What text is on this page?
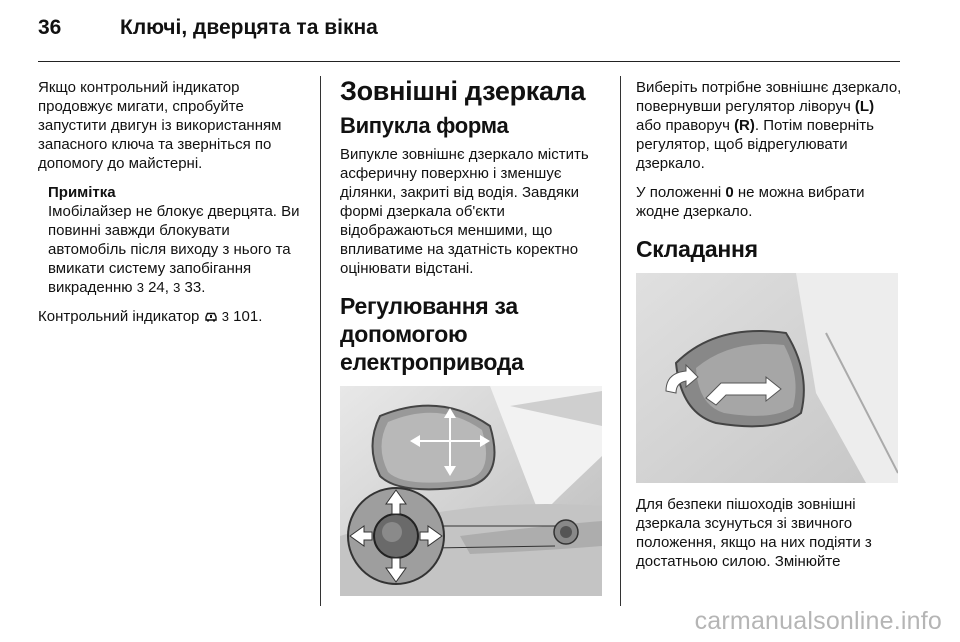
36	Ключі, дверцята та вікна

Якщо контрольний індикатор продовжує мигати, спробуйте запустити двигун із використанням запасного ключа та зверніться по допомогу до майстерні.

Примітка
Імобілайзер не блокує дверцята. Ви повинні завжди блокувати автомобіль після виходу з нього та вмикати систему запобігання викраденню 3 24, 3 33.

Контрольний індикатор 3 101.

Зовнішні дзеркала
Випукла форма

Випукле зовнішнє дзеркало містить асферичну поверхню і зменшує ділянки, закриті від водія. Завдяки формі дзеркала об'єкти відображаються меншими, що впливатиме на здатність коректно оцінювати відстані.

Регулювання за допомогою електропривода

Виберіть потрібне зовнішнє дзеркало, повернувши регулятор ліворуч (L) або праворуч (R). Потім поверніть регулятор, щоб відрегулювати дзеркало.

У положенні 0 не можна вибрати жодне дзеркало.

Складання

Для безпеки пішоходів зовнішні дзеркала зсунуться зі звичного положення, якщо на них подіяти з достатньою силою. Змінюйте

carmanualsonline.info
